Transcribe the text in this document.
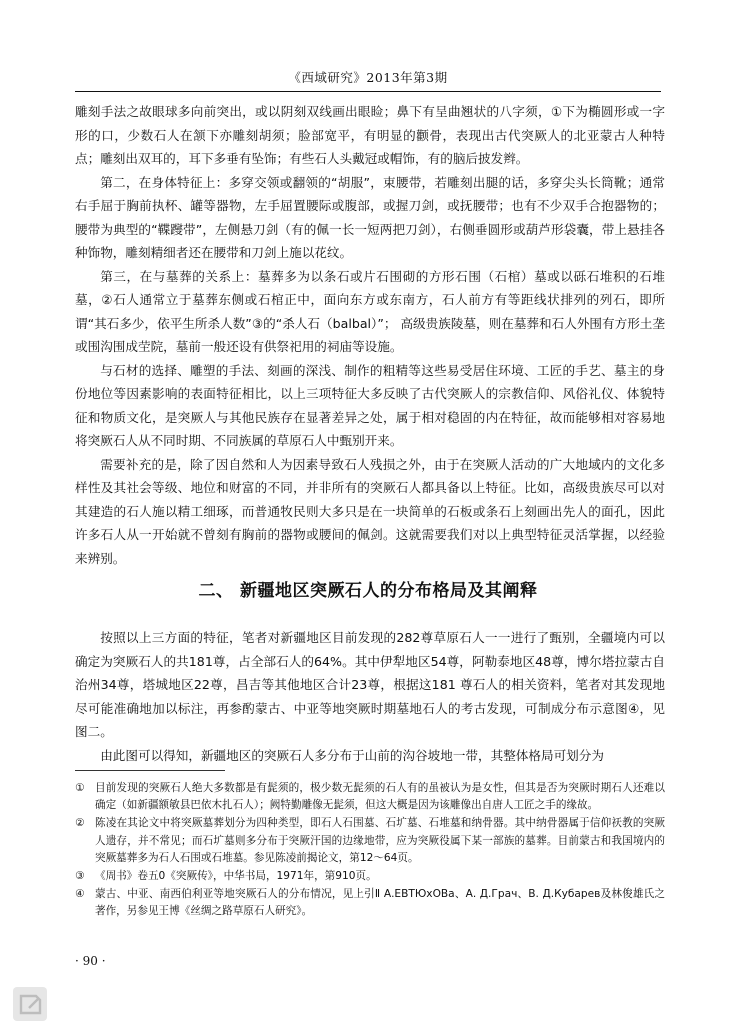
《西域研究》2013年第3期

雕刻手法之故眼球多向前突出，或以阴刻双线画出眼睑；鼻下有呈曲翘状的八字须，①下为椭圆形或一字形的口，少数石人在颔下亦雕刻胡须；脸部宽平，有明显的颧骨，表现出古代突厥人的北亚蒙古人种特点；雕刻出双耳的，耳下多垂有坠饰；有些石人头戴冠或帽饰，有的脑后披发辫。

第二，在身体特征上：多穿交领或翻领的“胡服”，束腰带，若雕刻出腿的话，多穿尖头长筒靴；通常右手屈于胸前执杯、罐等器物，左手屈置腰际或腹部，或握刀剑，或抚腰带；也有不少双手合抱器物的；腰带为典型的“鞢躞带”，左侧悬刀剑（有的佩一长一短两把刀剑），右侧垂圆形或葫芦形袋囊，带上悬挂各种饰物，雕刻精细者还在腰带和刀剑上施以花纹。

第三，在与墓葬的关系上：墓葬多为以条石或片石围砌的方形石围（石棺）墓或以砾石堆积的石堆墓，②石人通常立于墓葬东侧或石棺正中，面向东方或东南方，石人前方有等距线状排列的列石，即所谓“其石多少，依平生所杀人数”③的“杀人石（balbal）”； 高级贵族陵墓，则在墓葬和石人外围有方形土垄或围沟围成茔院，墓前一般还设有供祭祀用的祠庙等设施。

与石材的选择、雕塑的手法、刻画的深浅、制作的粗精等这些易受居住环境、工匠的手艺、墓主的身份地位等因素影响的表面特征相比，以上三项特征大多反映了古代突厥人的宗教信仰、风俗礼仪、体貌特征和物质文化，是突厥人与其他民族存在显著差异之处，属于相对稳固的内在特征，故而能够相对容易地将突厥石人从不同时期、不同族属的草原石人中甄别开来。

需要补充的是，除了因自然和人为因素导致石人残损之外，由于在突厥人活动的广大地域内的文化多样性及其社会等级、地位和财富的不同，并非所有的突厥石人都具备以上特征。比如，高级贵族尽可以对其建造的石人施以精工细琢，而普通牧民则大多只是在一块简单的石板或条石上刻画出先人的面孔，因此许多石人从一开始就不曾刻有胸前的器物或腰间的佩剑。这就需要我们对以上典型特征灵活掌握，以经验来辨别。

二、 新疆地区突厥石人的分布格局及其阐释

按照以上三方面的特征，笔者对新疆地区目前发现的282尊草原石人一一进行了甄别，全疆境内可以确定为突厥石人的共181尊，占全部石人的64%。其中伊犁地区54尊，阿勒泰地区48尊，博尔塔拉蒙古自治州34尊，塔城地区22尊，昌吉等其他地区合计23尊，根据这181 尊石人的相关资料，笔者对其发现地尽可能准确地加以标注，再参酌蒙古、中亚等地突厥时期墓地石人的考古发现，可制成分布示意图④，见图二。

由此图可以得知，新疆地区的突厥石人多分布于山前的沟谷坡地一带，其整体格局可划分为

① 目前发现的突厥石人绝大多数都是有髭须的，极少数无髭须的石人有的虽被认为是女性，但其是否为突厥时期石人还难以确定（如新疆额敏县巴依木扎石人）；阙特勤雕像无髭须，但这大概是因为该雕像出自唐人工匠之手的缘故。
② 陈凌在其论文中将突厥墓葬划分为四种类型，即石人石围墓、石圹墓、石堆墓和纳骨器。其中纳骨器属于信仰祆教的突厥人遗存，并不常见；而石圹墓则多分布于突厥汗国的边缘地带，应为突厥役属下某一部族的墓葬。目前蒙古和我国境内的突厥墓葬多为石人石围或石堆墓。参见陈凌前揭论文，第12～64页。
③ 《周书》卷五0《突厥传》，中华书局，1971年，第910页。
④ 蒙古、中亚、南西伯利亚等地突厥石人的分布情况，见上引Ⅱ А.ЕВТЮхОВа、А. Д.Грач、В. Д.Кубарев及林俊雄氏之著作，另参见王博《丝绸之路草原石人研究》。
· 90 ·
